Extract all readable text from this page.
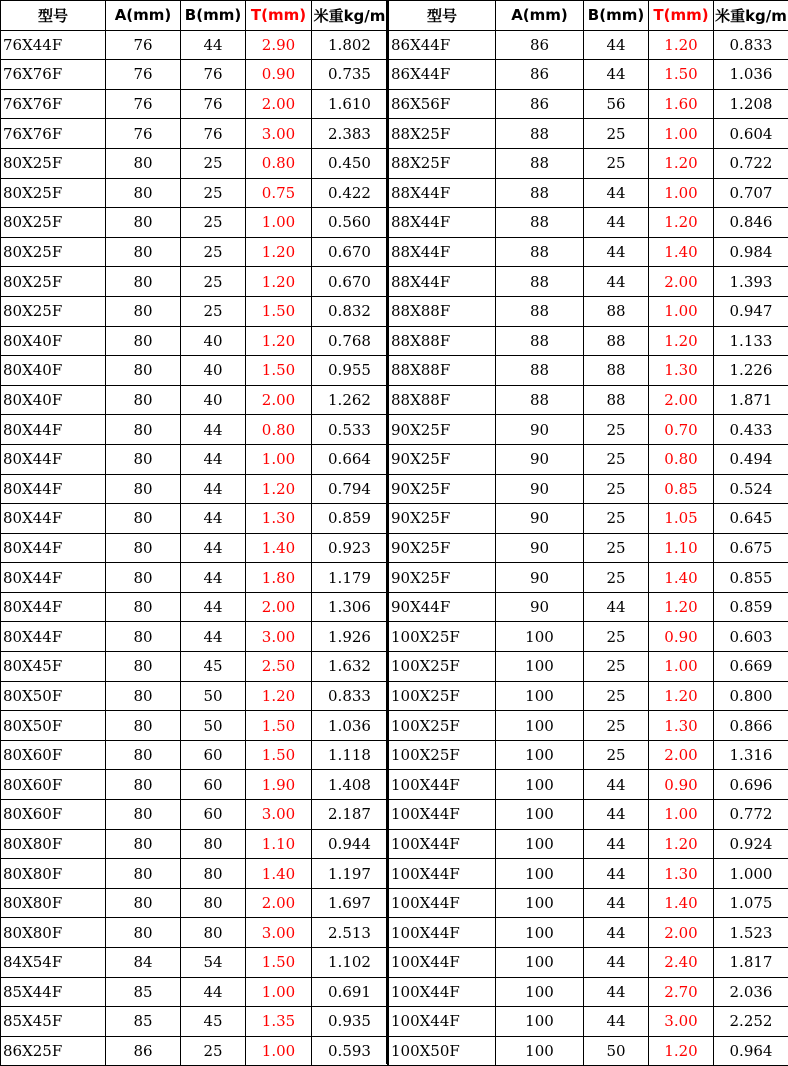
型号	A(mm)	B(mm)	T(mm)	米重kg/m
76X44F	76	44	2.90	1.802
76X76F	76	76	0.90	0.735
76X76F	76	76	2.00	1.610
76X76F	76	76	3.00	2.383
80X25F	80	25	0.80	0.450
80X25F	80	25	0.75	0.422
80X25F	80	25	1.00	0.560
80X25F	80	25	1.20	0.670
80X25F	80	25	1.20	0.670
80X25F	80	25	1.50	0.832
80X40F	80	40	1.20	0.768
80X40F	80	40	1.50	0.955
80X40F	80	40	2.00	1.262
80X44F	80	44	0.80	0.533
80X44F	80	44	1.00	0.664
80X44F	80	44	1.20	0.794
80X44F	80	44	1.30	0.859
80X44F	80	44	1.40	0.923
80X44F	80	44	1.80	1.179
80X44F	80	44	2.00	1.306
80X44F	80	44	3.00	1.926
80X45F	80	45	2.50	1.632
80X50F	80	50	1.20	0.833
80X50F	80	50	1.50	1.036
80X60F	80	60	1.50	1.118
80X60F	80	60	1.90	1.408
80X60F	80	60	3.00	2.187
80X80F	80	80	1.10	0.944
80X80F	80	80	1.40	1.197
80X80F	80	80	2.00	1.697
80X80F	80	80	3.00	2.513
84X54F	84	54	1.50	1.102
85X44F	85	44	1.00	0.691
85X45F	85	45	1.35	0.935
86X25F	86	25	1.00	0.593
型号	A(mm)	B(mm)	T(mm)	米重kg/m
86X44F	86	44	1.20	0.833
86X44F	86	44	1.50	1.036
86X56F	86	56	1.60	1.208
88X25F	88	25	1.00	0.604
88X25F	88	25	1.20	0.722
88X44F	88	44	1.00	0.707
88X44F	88	44	1.20	0.846
88X44F	88	44	1.40	0.984
88X44F	88	44	2.00	1.393
88X88F	88	88	1.00	0.947
88X88F	88	88	1.20	1.133
88X88F	88	88	1.30	1.226
88X88F	88	88	2.00	1.871
90X25F	90	25	0.70	0.433
90X25F	90	25	0.80	0.494
90X25F	90	25	0.85	0.524
90X25F	90	25	1.05	0.645
90X25F	90	25	1.10	0.675
90X25F	90	25	1.40	0.855
90X44F	90	44	1.20	0.859
100X25F	100	25	0.90	0.603
100X25F	100	25	1.00	0.669
100X25F	100	25	1.20	0.800
100X25F	100	25	1.30	0.866
100X25F	100	25	2.00	1.316
100X44F	100	44	0.90	0.696
100X44F	100	44	1.00	0.772
100X44F	100	44	1.20	0.924
100X44F	100	44	1.30	1.000
100X44F	100	44	1.40	1.075
100X44F	100	44	2.00	1.523
100X44F	100	44	2.40	1.817
100X44F	100	44	2.70	2.036
100X44F	100	44	3.00	2.252
100X50F	100	50	1.20	0.964
